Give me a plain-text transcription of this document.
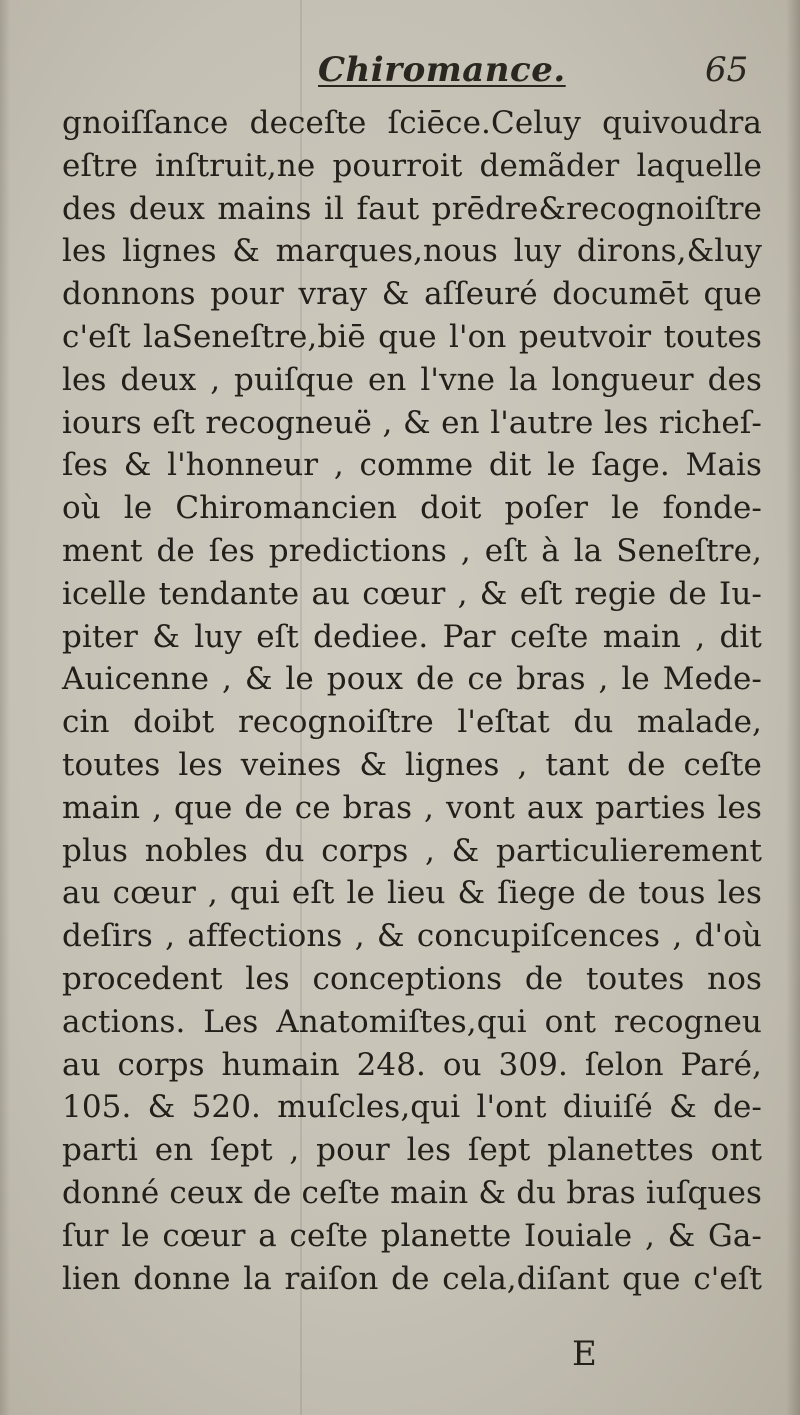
Chiromance.	65
gnoiſſance deceſte ſciēce.Celuy quivoudra
eſtre inſtruit,ne pourroit demãder laquelle
des deux mains il faut prēdre&recognoiſtre
les lignes & marques,nous luy dirons,&luy
donnons pour vray & aſſeuré documēt que
c'eſt laSeneſtre,biē que l'on peutvoir toutes
les deux , puiſque en l'vne la longueur des
iours eſt recogneuë , & en l'autre les richeſ-
ſes & l'honneur , comme dit le ſage. Mais
où le Chiromancien doit poſer le fonde-
ment de ſes predictions , eſt à la Seneſtre,
icelle tendante au cœur , & eſt regie de Iu-
piter & luy eſt dediee. Par ceſte main , dit
Auicenne , & le poux de ce bras , le Mede-
cin doibt recognoiſtre l'eſtat du malade,
toutes les veines & lignes , tant de ceſte
main , que de ce bras , vont aux parties les
plus nobles du corps , & particulierement
au cœur , qui eſt le lieu & ſiege de tous les
deſirs , affections , & concupiſcences , d'où
procedent les conceptions de toutes nos
actions. Les Anatomiſtes,qui ont recogneu
au corps humain 248. ou 309. ſelon Paré,
105. & 520. muſcles,qui l'ont diuiſé & de-
parti en ſept , pour les ſept planettes ont
donné ceux de ceſte main & du bras iuſques
ſur le cœur a ceſte planette Iouiale , & Ga-
lien donne la raiſon de cela,diſant que c'eſt
E
